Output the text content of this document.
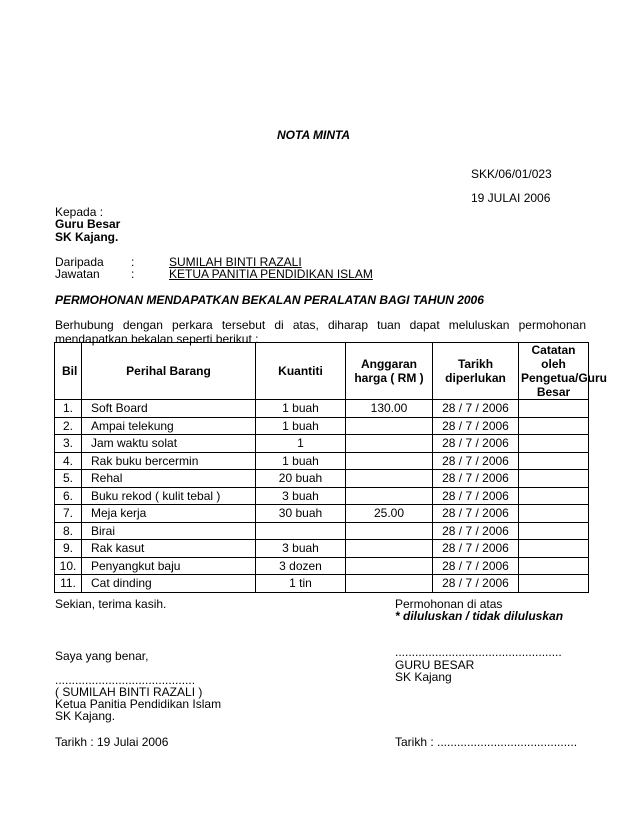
NOTA MINTA
SKK/06/01/023
19 JULAI 2006
Kepada :
Guru Besar
SK Kajang.
Daripada :	SUMILAH BINTI RAZALI
Jawatan	:	KETUA PANITIA PENDIDIKAN ISLAM
PERMOHONAN MENDAPATKAN BEKALAN PERALATAN BAGI TAHUN 2006
Berhubung dengan perkara tersebut di atas, diharap tuan dapat meluluskan permohonan mendapatkan bekalan seperti berikut :
Bil	Perihal Barang	Kuantiti	Anggaran harga ( RM )	Tarikh diperlukan	Catatan oleh Pengetua/Guru Besar
1.	Soft Board	1 buah	130.00	28 / 7 / 2006	
2.	Ampai telekung	1 buah		28 / 7 / 2006	
3.	Jam waktu solat	1		28 / 7 / 2006	
4.	Rak buku bercermin	1 buah		28 / 7 / 2006	
5.	Rehal	20 buah		28 / 7 / 2006	
6.	Buku rekod ( kulit tebal )	3 buah		28 / 7 / 2006	
7.	Meja kerja	30 buah	25.00	28 / 7 / 2006	
8.	Birai			28 / 7 / 2006	
9.	Rak kasut	3 buah		28 / 7 / 2006	
10.	Penyangkut baju	3 dozen		28 / 7 / 2006	
11.	Cat dinding	1 tin		28 / 7 / 2006	
Sekian, terima kasih.
Saya yang benar,
..........................................
( SUMILAH BINTI RAZALI )
Ketua Panitia Pendidikan Islam
SK Kajang.
Tarikh : 19 Julai 2006
Permohonan di atas
* diluluskan / tidak diluluskan
..................................................
GURU BESAR
SK Kajang
Tarikh : ..........................................
